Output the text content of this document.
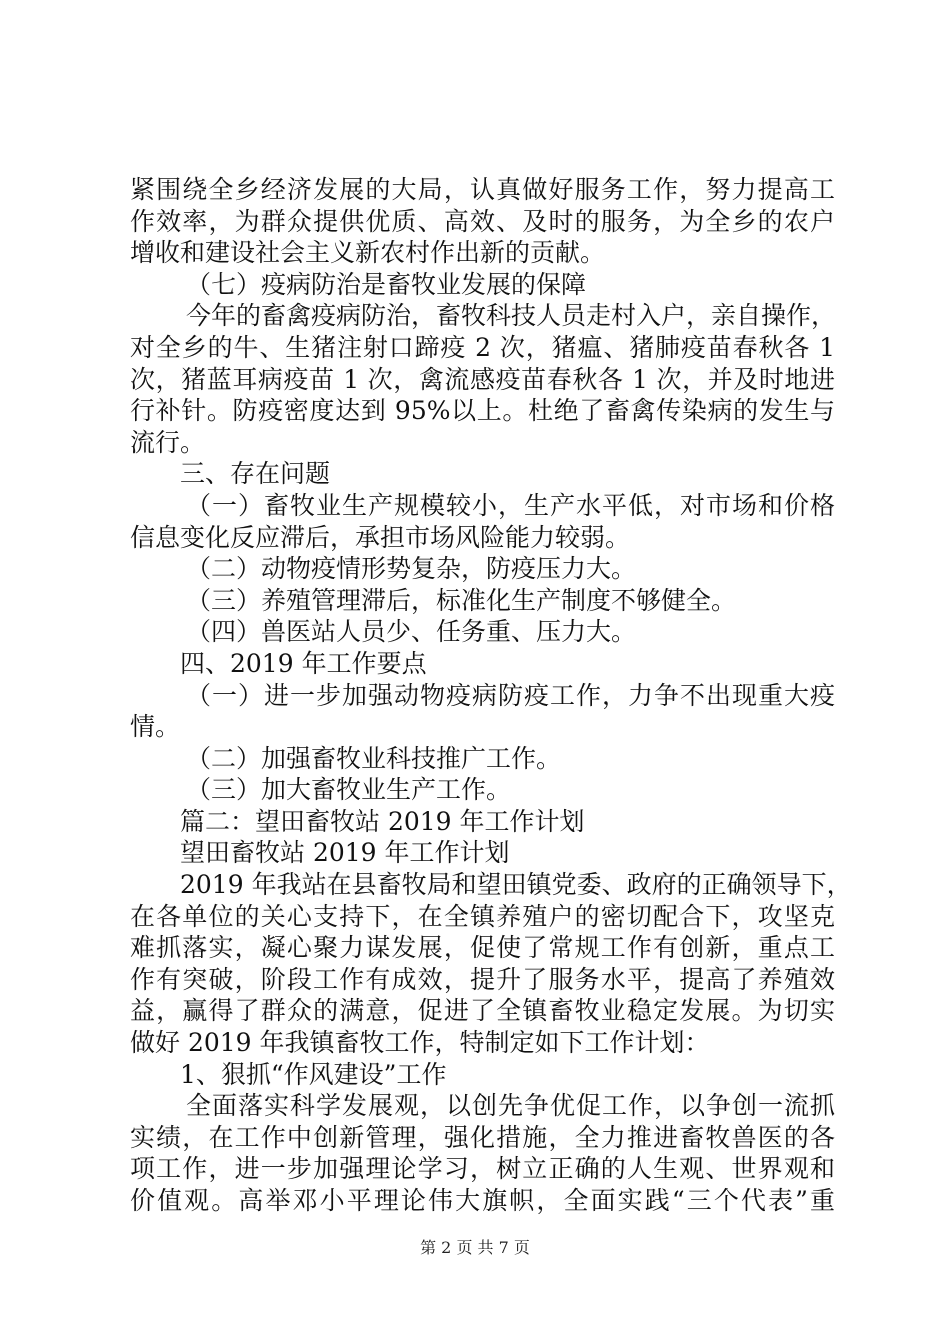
紧围绕全乡经济发展的大局，认真做好服务工作，努力提高工
作效率，为群众提供优质、高效、及时的服务，为全乡的农户
增收和建设社会主义新农村作出新的贡献。
（七）疫病防治是畜牧业发展的保障
今年的畜禽疫病防治，畜牧科技人员走村入户，亲自操作，
对全乡的牛、生猪注射口蹄疫 2 次，猪瘟、猪肺疫苗春秋各 1
次，猪蓝耳病疫苗 1 次，禽流感疫苗春秋各 1 次，并及时地进
行补针。防疫密度达到 95%以上。杜绝了畜禽传染病的发生与
流行。
三、存在问题
（一）畜牧业生产规模较小，生产水平低，对市场和价格
信息变化反应滞后，承担市场风险能力较弱。
（二）动物疫情形势复杂，防疫压力大。
（三）养殖管理滞后，标准化生产制度不够健全。
（四）兽医站人员少、任务重、压力大。
四、2019 年工作要点
（一）进一步加强动物疫病防疫工作，力争不出现重大疫
情。
（二）加强畜牧业科技推广工作。
（三）加大畜牧业生产工作。
篇二：望田畜牧站 2019 年工作计划
望田畜牧站 2019 年工作计划
2019 年我站在县畜牧局和望田镇党委、政府的正确领导下，
在各单位的关心支持下，在全镇养殖户的密切配合下，攻坚克
难抓落实，凝心聚力谋发展，促使了常规工作有创新，重点工
作有突破，阶段工作有成效，提升了服务水平，提高了养殖效
益，赢得了群众的满意，促进了全镇畜牧业稳定发展。为切实
做好 2019 年我镇畜牧工作，特制定如下工作计划：
1、狠抓“作风建设”工作
全面落实科学发展观，以创先争优促工作，以争创一流抓
实绩，在工作中创新管理，强化措施，全力推进畜牧兽医的各
项工作，进一步加强理论学习，树立正确的人生观、世界观和
价值观。高举邓小平理论伟大旗帜，全面实践“三个代表”重
第 2 页 共 7 页
